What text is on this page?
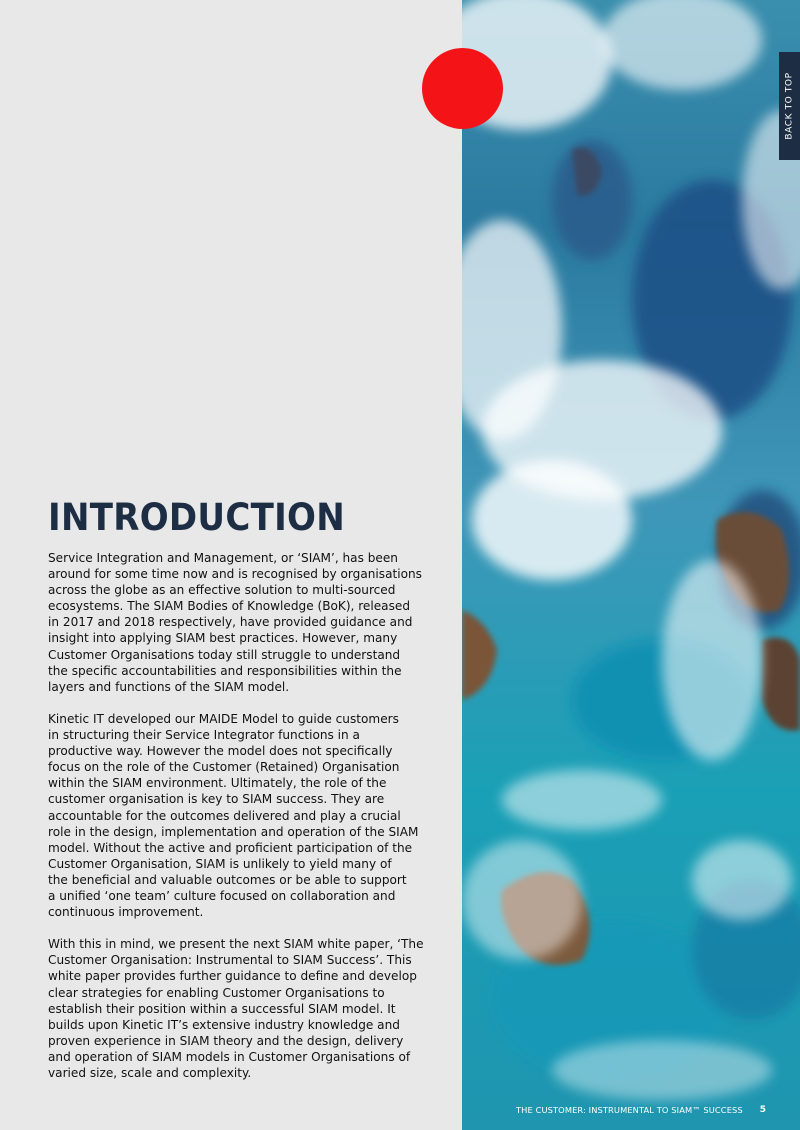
BACK TO TOP
INTRODUCTION

Service Integration and Management, or ‘SIAM’, has been
around for some time now and is recognised by organisations
across the globe as an effective solution to multi-sourced
ecosystems. The SIAM Bodies of Knowledge (BoK), released
in 2017 and 2018 respectively, have provided guidance and
insight into applying SIAM best practices. However, many
Customer Organisations today still struggle to understand
the specific accountabilities and responsibilities within the
layers and functions of the SIAM model.

Kinetic IT developed our MAIDE Model to guide customers
in structuring their Service Integrator functions in a
productive way. However the model does not specifically
focus on the role of the Customer (Retained) Organisation
within the SIAM environment. Ultimately, the role of the
customer organisation is key to SIAM success. They are
accountable for the outcomes delivered and play a crucial
role in the design, implementation and operation of the SIAM
model. Without the active and proficient participation of the
Customer Organisation, SIAM is unlikely to yield many of
the beneficial and valuable outcomes or be able to support
a unified ‘one team’ culture focused on collaboration and
continuous improvement.

With this in mind, we present the next SIAM white paper, ‘The
Customer Organisation: Instrumental to SIAM Success’. This
white paper provides further guidance to define and develop
clear strategies for enabling Customer Organisations to
establish their position within a successful SIAM model. It
builds upon Kinetic IT’s extensive industry knowledge and
proven experience in SIAM theory and the design, delivery
and operation of SIAM models in Customer Organisations of
varied size, scale and complexity.

THE CUSTOMER: INSTRUMENTAL TO SIAM™ SUCCESS 5
